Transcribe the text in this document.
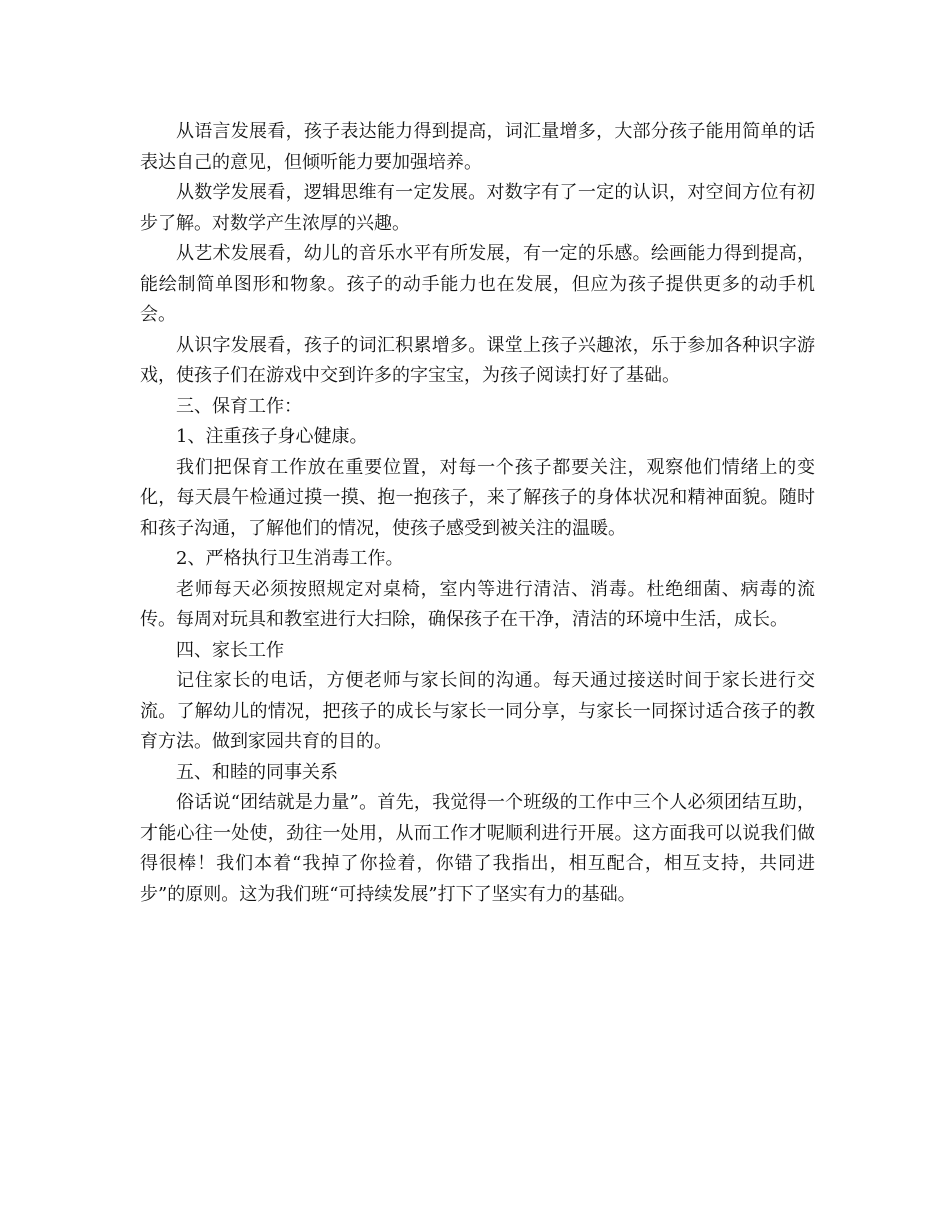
从语言发展看，孩子表达能力得到提高，词汇量增多，大部分孩子能用简单的话表达自己的意见，但倾听能力要加强培养。

从数学发展看，逻辑思维有一定发展。对数字有了一定的认识，对空间方位有初步了解。对数学产生浓厚的兴趣。

从艺术发展看，幼儿的音乐水平有所发展，有一定的乐感。绘画能力得到提高，能绘制简单图形和物象。孩子的动手能力也在发展，但应为孩子提供更多的动手机会。

从识字发展看，孩子的词汇积累增多。课堂上孩子兴趣浓，乐于参加各种识字游戏，使孩子们在游戏中交到许多的字宝宝，为孩子阅读打好了基础。

三、保育工作：

1、注重孩子身心健康。

我们把保育工作放在重要位置，对每一个孩子都要关注，观察他们情绪上的变化，每天晨午检通过摸一摸、抱一抱孩子，来了解孩子的身体状况和精神面貌。随时和孩子沟通，了解他们的情况，使孩子感受到被关注的温暖。

2、严格执行卫生消毒工作。

老师每天必须按照规定对桌椅，室内等进行清洁、消毒。杜绝细菌、病毒的流传。每周对玩具和教室进行大扫除，确保孩子在干净，清洁的环境中生活，成长。

四、家长工作

记住家长的电话，方便老师与家长间的沟通。每天通过接送时间于家长进行交流。了解幼儿的情况，把孩子的成长与家长一同分享，与家长一同探讨适合孩子的教育方法。做到家园共育的目的。

五、和睦的同事关系

俗话说“团结就是力量”。首先，我觉得一个班级的工作中三个人必须团结互助，才能心往一处使，劲往一处用，从而工作才呢顺利进行开展。这方面我可以说我们做得很棒！我们本着“我掉了你捡着，你错了我指出，相互配合，相互支持，共同进步”的原则。这为我们班“可持续发展”打下了坚实有力的基础。
